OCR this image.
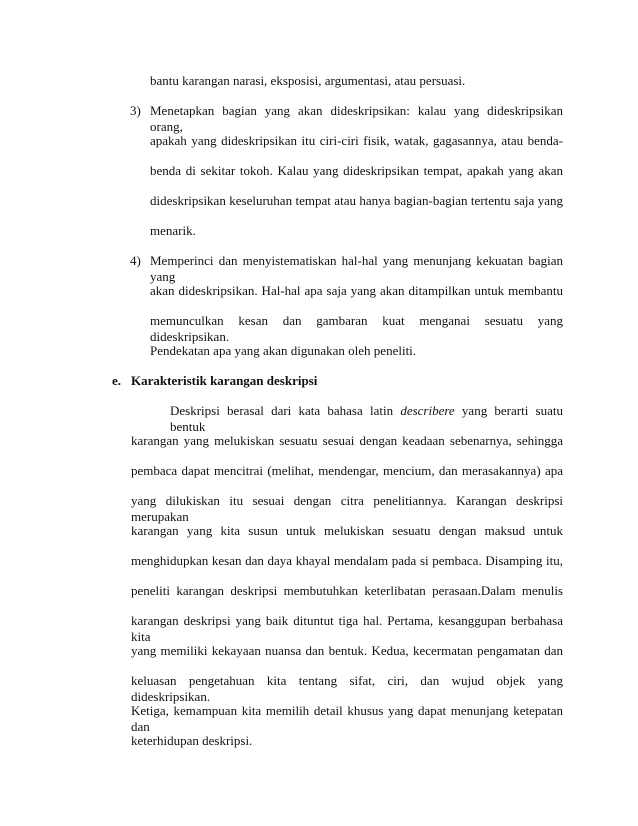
bantu karangan narasi, eksposisi, argumentasi, atau persuasi.
3) Menetapkan bagian yang akan dideskripsikan: kalau yang dideskripsikan orang,
apakah yang dideskripsikan itu ciri-ciri fisik, watak, gagasannya, atau benda-
benda di sekitar tokoh. Kalau yang dideskripsikan tempat, apakah yang akan
dideskripsikan keseluruhan tempat atau hanya bagian-bagian tertentu saja yang
menarik.
4) Memperinci dan menyistematiskan hal-hal yang menunjang kekuatan bagian yang
akan dideskripsikan. Hal-hal apa saja yang akan ditampilkan untuk membantu
memunculkan kesan dan gambaran kuat menganai sesuatu yang dideskripsikan.
Pendekatan apa yang akan digunakan oleh peneliti.
e. Karakteristik karangan deskripsi
Deskripsi berasal dari kata bahasa latin describere yang berarti suatu bentuk
karangan yang melukiskan sesuatu sesuai dengan keadaan sebenarnya, sehingga
pembaca dapat mencitrai (melihat, mendengar, mencium, dan merasakannya) apa
yang dilukiskan itu sesuai dengan citra penelitiannya. Karangan deskripsi merupakan
karangan yang kita susun untuk melukiskan sesuatu dengan maksud untuk
menghidupkan kesan dan daya khayal mendalam pada si pembaca. Disamping itu,
peneliti karangan deskripsi membutuhkan keterlibatan perasaan.Dalam menulis
karangan deskripsi yang baik dituntut tiga hal. Pertama, kesanggupan berbahasa kita
yang memiliki kekayaan nuansa dan bentuk. Kedua, kecermatan pengamatan dan
keluasan pengetahuan kita tentang sifat, ciri, dan wujud objek yang dideskripsikan.
Ketiga, kemampuan kita memilih detail khusus yang dapat menunjang ketepatan dan
keterhidupan deskripsi.
